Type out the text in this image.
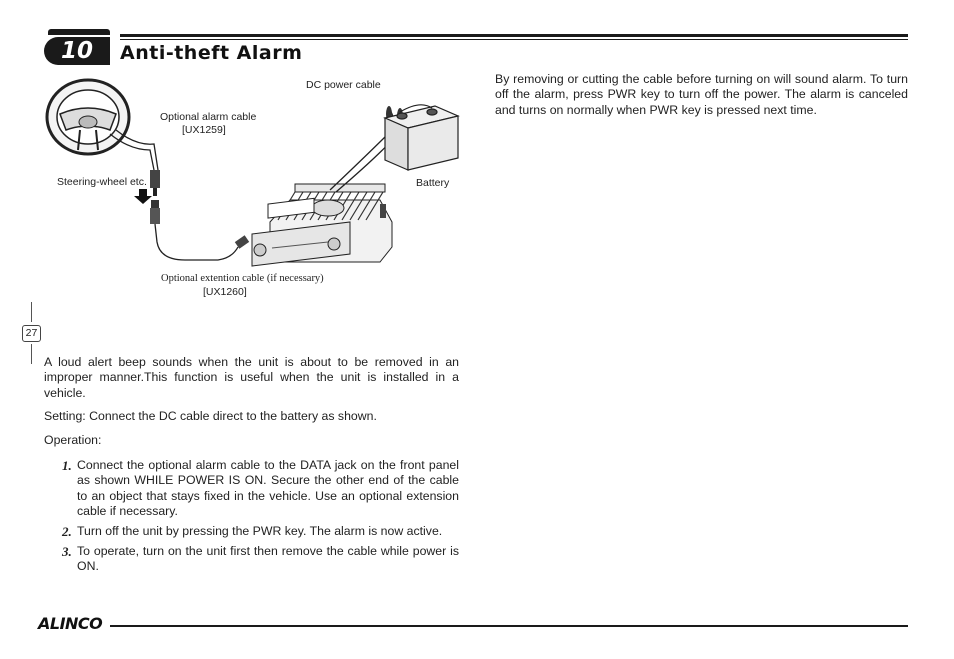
10	Anti-theft Alarm
DC power cable
Optional alarm cable
[UX1259]
Steering-wheel etc.	Battery
Optional extention cable (if necessary)
[UX1260]
27
A loud alert beep sounds when the unit is about to be removed in an improper manner.This function is useful when the unit is installed in a vehicle.
Setting: Connect the DC cable direct to the battery as shown.
Operation:
1. Connect the optional alarm cable to the DATA jack on the front panel as shown WHILE POWER IS ON. Secure the other end of the cable to an object that stays fixed in the vehicle. Use an optional extension cable if necessary.
2. Turn off the unit by pressing the PWR key. The alarm is now active.
3. To operate, turn on the unit first then remove the cable while power is ON.
By removing or cutting the cable before turning on will sound alarm. To turn off the alarm, press PWR key to turn off the power. The alarm is canceled and turns on normally when PWR key is pressed next time.
ALINCO
